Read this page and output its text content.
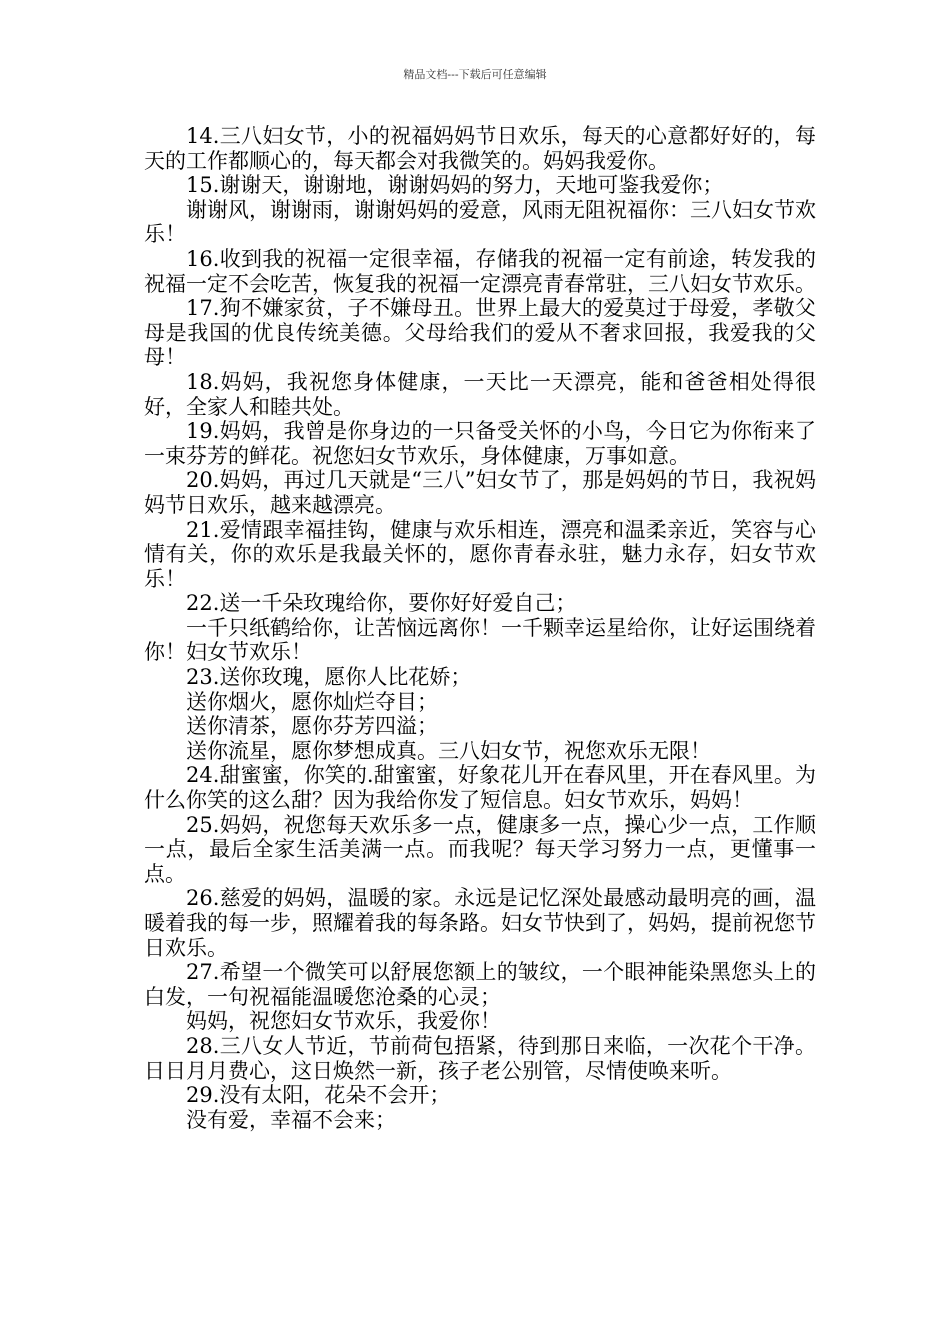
精品文档---下载后可任意编辑

14.三八妇女节，小的祝福妈妈节日欢乐，每天的心意都好好的，每天的工作都顺心的，每天都会对我微笑的。妈妈我爱你。

15.谢谢天，谢谢地，谢谢妈妈的努力，天地可鉴我爱你；

谢谢风，谢谢雨，谢谢妈妈的爱意，风雨无阻祝福你：三八妇女节欢乐！

16.收到我的祝福一定很幸福，存储我的祝福一定有前途，转发我的祝福一定不会吃苦，恢复我的祝福一定漂亮青春常驻，三八妇女节欢乐。

17.狗不嫌家贫，子不嫌母丑。世界上最大的爱莫过于母爱，孝敬父母是我国的优良传统美德。父母给我们的爱从不奢求回报，我爱我的父母！

18.妈妈，我祝您身体健康，一天比一天漂亮，能和爸爸相处得很好，全家人和睦共处。

19.妈妈，我曾是你身边的一只备受关怀的小鸟，今日它为你衔来了一束芬芳的鲜花。祝您妇女节欢乐，身体健康，万事如意。

20.妈妈，再过几天就是“三八”妇女节了，那是妈妈的节日，我祝妈妈节日欢乐，越来越漂亮。

21.爱情跟幸福挂钩，健康与欢乐相连，漂亮和温柔亲近，笑容与心情有关，你的欢乐是我最关怀的，愿你青春永驻，魅力永存，妇女节欢乐！

22.送一千朵玫瑰给你，要你好好爱自己；

一千只纸鹤给你，让苦恼远离你！一千颗幸运星给你，让好运围绕着你！妇女节欢乐！

23.送你玫瑰，愿你人比花娇；

送你烟火，愿你灿烂夺目；

送你清茶，愿你芬芳四溢；

送你流星，愿你梦想成真。三八妇女节，祝您欢乐无限！

24.甜蜜蜜，你笑的.甜蜜蜜，好象花儿开在春风里，开在春风里。为什么你笑的这么甜？因为我给你发了短信息。妇女节欢乐，妈妈！

25.妈妈，祝您每天欢乐多一点，健康多一点，操心少一点，工作顺一点，最后全家生活美满一点。而我呢？每天学习努力一点，更懂事一点。

26.慈爱的妈妈，温暖的家。永远是记忆深处最感动最明亮的画，温暖着我的每一步，照耀着我的每条路。妇女节快到了，妈妈，提前祝您节日欢乐。

27.希望一个微笑可以舒展您额上的皱纹，一个眼神能染黑您头上的白发，一句祝福能温暖您沧桑的心灵；

妈妈，祝您妇女节欢乐，我爱你！

28.三八女人节近，节前荷包捂紧，待到那日来临，一次花个干净。日日月月费心，这日焕然一新，孩子老公别管，尽情使唤来听。

29.没有太阳，花朵不会开；

没有爱，幸福不会来；
